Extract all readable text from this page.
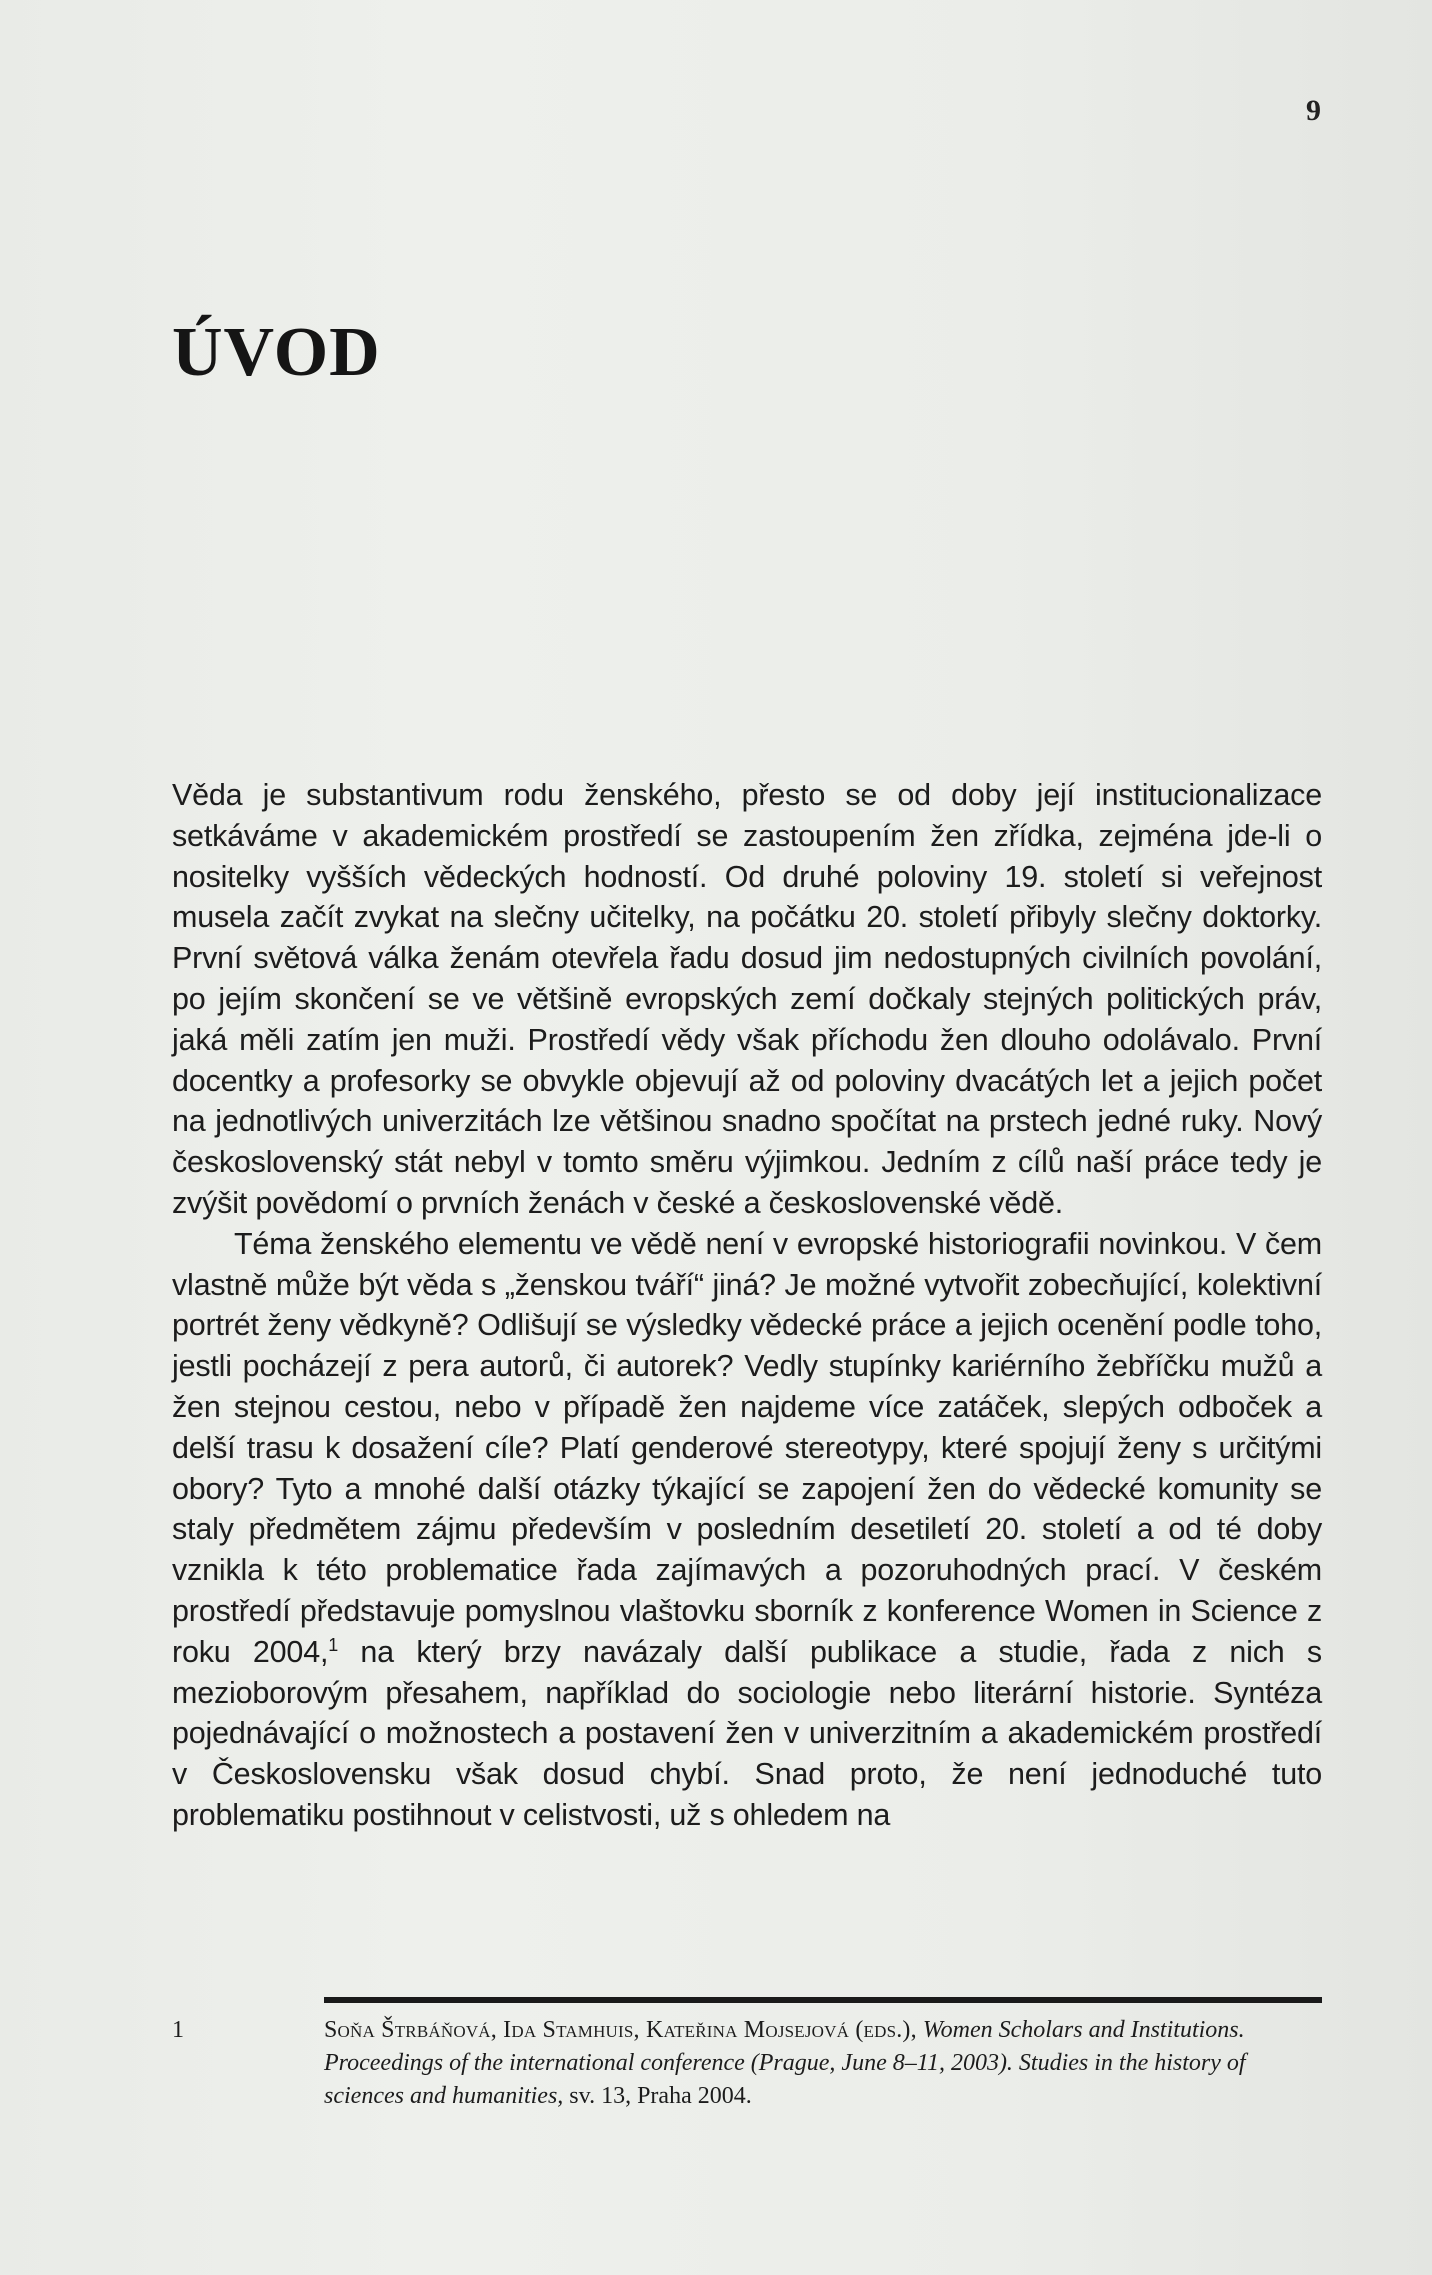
9
ÚVOD

Věda je substantivum rodu ženského, přesto se od doby její institucionalizace setkáváme v akademickém prostředí se zastoupením žen zřídka, zejména jde-li o nositelky vyšších vědeckých hodností. Od druhé poloviny 19. století si veřejnost musela začít zvykat na slečny učitelky, na počátku 20. století přibyly slečny doktorky. První světová válka ženám otevřela řadu dosud jim nedostupných civilních povolání, po jejím skončení se ve většině evropských zemí dočkaly stejných politických práv, jaká měli zatím jen muži. Prostředí vědy však příchodu žen dlouho odolávalo. První docentky a profesorky se obvykle objevují až od poloviny dvacátých let a jejich počet na jednotlivých univerzitách lze většinou snadno spočítat na prstech jedné ruky. Nový československý stát nebyl v tomto směru výjimkou. Jedním z cílů naší práce tedy je zvýšit povědomí o prvních ženách v české a československé vědě.

Téma ženského elementu ve vědě není v evropské historiografii novinkou. V čem vlastně může být věda s „ženskou tváří“ jiná? Je možné vytvořit zobecňující, kolektivní portrét ženy vědkyně? Odlišují se výsledky vědecké práce a jejich ocenění podle toho, jestli pocházejí z pera autorů, či autorek? Vedly stupínky kariérního žebříčku mužů a žen stejnou cestou, nebo v případě žen najdeme více zatáček, slepých odboček a delší trasu k dosažení cíle? Platí genderové stereotypy, které spojují ženy s určitými obory? Tyto a mnohé další otázky týkající se zapojení žen do vědecké komunity se staly předmětem zájmu především v posledním desetiletí 20. století a od té doby vznikla k této problematice řada zajímavých a pozoruhodných prací. V českém prostředí představuje pomyslnou vlaštovku sborník z konference Women in Science z roku 2004,$^1$ na který brzy navázaly další publikace a studie, řada z nich s mezioborovým přesahem, například do sociologie nebo literární historie. Syntéza pojednávající o možnostech a postavení žen v univerzitním a akademickém prostředí v Československu však dosud chybí. Snad proto, že není jednoduché tuto problematiku postihnout v celistvosti, už s ohledem na

1	Soňa Štrbáňová, Ida Stamhuis, Kateřina Mojsejová (eds.), Women Scholars and Institutions. Proceedings of the international conference (Prague, June 8–11, 2003). Studies in the history of sciences and humanities, sv. 13, Praha 2004.
